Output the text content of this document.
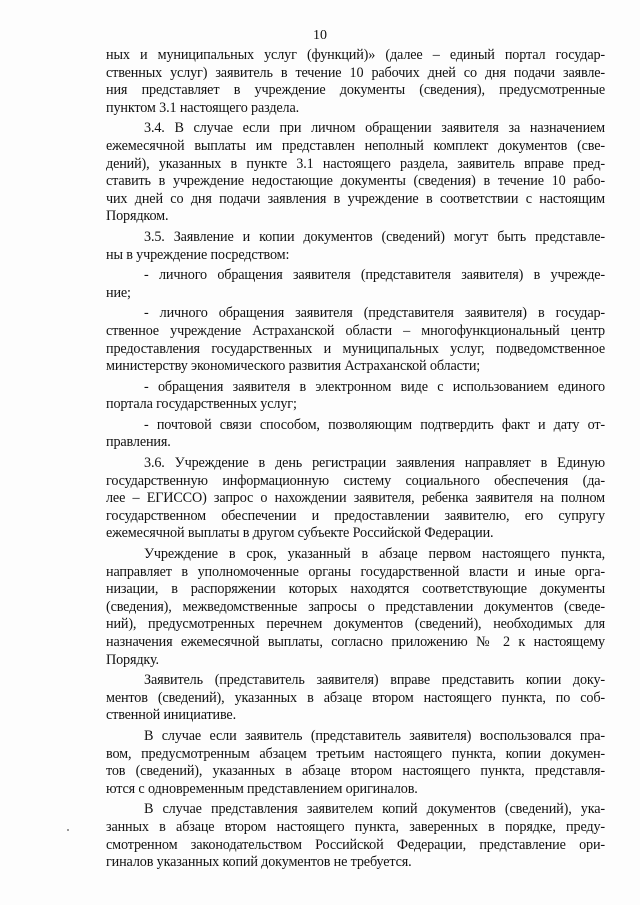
10
ных и муниципальных услуг (функций)» (далее – единый портал государ-
ственных услуг) заявитель в течение 10 рабочих дней со дня подачи заявле-
ния представляет в учреждение документы (сведения), предусмотренные
пунктом 3.1 настоящего раздела.
3.4. В случае если при личном обращении заявителя за назначением
ежемесячной выплаты им представлен неполный комплект документов (све-
дений), указанных в пункте 3.1 настоящего раздела, заявитель вправе пред-
ставить в учреждение недостающие документы (сведения) в течение 10 рабо-
чих дней со дня подачи заявления в учреждение в соответствии с настоящим
Порядком.
3.5. Заявление и копии документов (сведений) могут быть представле-
ны в учреждение посредством:
- личного обращения заявителя (представителя заявителя) в учрежде-
ние;
- личного обращения заявителя (представителя заявителя) в государ-
ственное учреждение Астраханской области – многофункциональный центр
предоставления государственных и муниципальных услуг, подведомственное
министерству экономического развития Астраханской области;
- обращения заявителя в электронном виде с использованием единого
портала государственных услуг;
- почтовой связи способом, позволяющим подтвердить факт и дату от-
правления.
3.6. Учреждение в день регистрации заявления направляет в Единую
государственную информационную систему социального обеспечения (да-
лее – ЕГИССО) запрос о нахождении заявителя, ребенка заявителя на полном
государственном обеспечении и предоставлении заявителю, его супругу
ежемесячной выплаты в другом субъекте Российской Федерации.
Учреждение в срок, указанный в абзаце первом настоящего пункта,
направляет в уполномоченные органы государственной власти и иные орга-
низации, в распоряжении которых находятся соответствующие документы
(сведения), межведомственные запросы о представлении документов (сведе-
ний), предусмотренных перечнем документов (сведений), необходимых для
назначения ежемесячной выплаты, согласно приложению № 2 к настоящему
Порядку.
Заявитель (представитель заявителя) вправе представить копии доку-
ментов (сведений), указанных в абзаце втором настоящего пункта, по соб-
ственной инициативе.
В случае если заявитель (представитель заявителя) воспользовался пра-
вом, предусмотренным абзацем третьим настоящего пункта, копии докумен-
тов (сведений), указанных в абзаце втором настоящего пункта, представля-
ются с одновременным представлением оригиналов.
В случае представления заявителем копий документов (сведений), ука-
занных в абзаце втором настоящего пункта, заверенных в порядке, преду-
смотренном законодательством Российской Федерации, представление ори-
гиналов указанных копий документов не требуется.
